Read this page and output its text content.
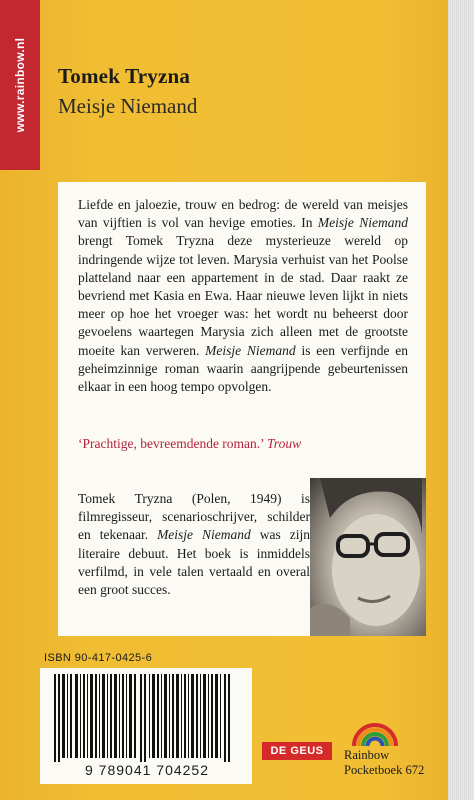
www.rainbow.nl	Tomek Tryzna
Meisje Niemand

Liefde en jaloezie, trouw en bedrog: de wereld van meisjes van vijftien is vol van hevige emoties. In Meisje Niemand brengt Tomek Tryzna deze mysterieuze wereld op indringende wijze tot leven. Marysia verhuist van het Poolse platteland naar een appartement in de stad. Daar raakt ze bevriend met Kasia en Ewa. Haar nieuwe leven lijkt in niets meer op hoe het vroeger was: het wordt nu beheerst door gevoelens waartegen Marysia zich alleen met de grootste moeite kan verweren. Meisje Niemand is een verfijnde en geheimzinnige roman waarin aangrijpende gebeurtenissen elkaar in een hoog tempo opvolgen.

‘Prachtige, bevreemdende roman.’ Trouw

Tomek Tryzna (Polen, 1949) is filmregisseur, scenarioschrijver, schilder en tekenaar. Meisje Niemand was zijn literaire debuut. Het boek is inmiddels verfilmd, in vele talen vertaald en overal een groot succes.

ISBN 90-417-0425-6
9 789041 704252
DE GEUS	Rainbow
Pocketboek 672
